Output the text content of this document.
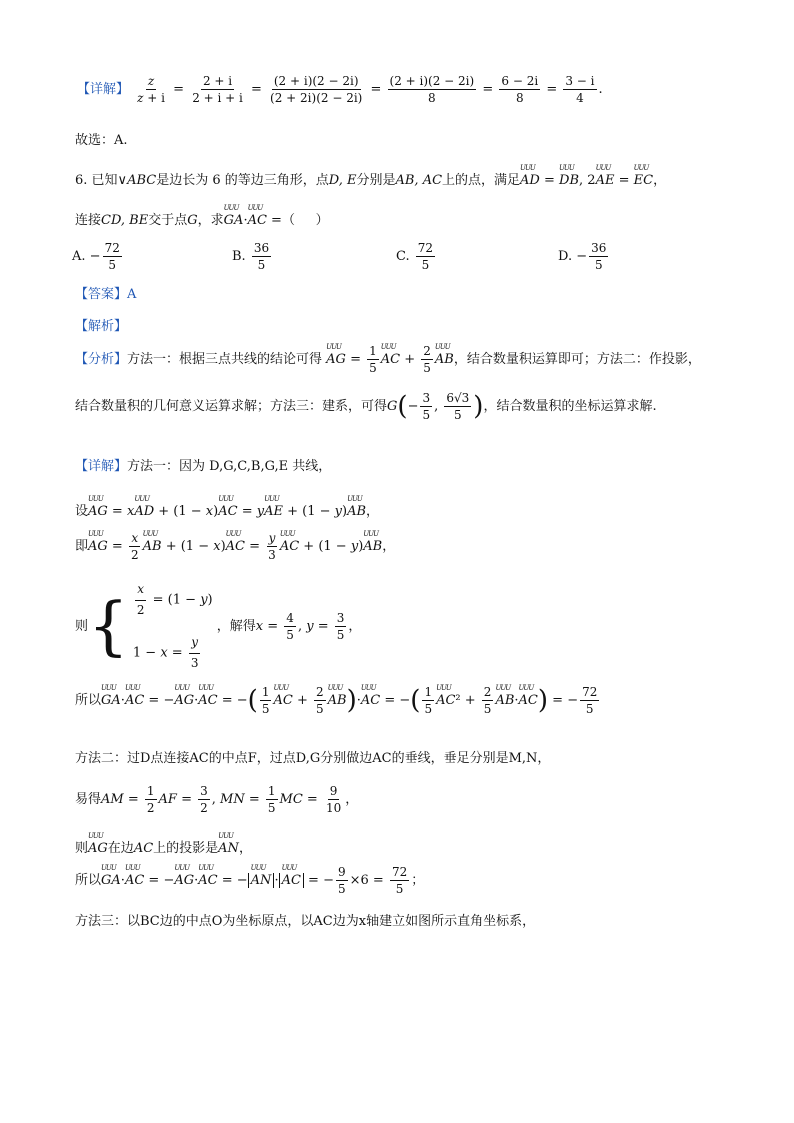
【详解】 $\frac{z}{z + i} = \frac{2 + i}{2 + i + i} = \frac{(2 + i)(2 - 2i)}{(2 + 2i)(2 - 2i)} = \frac{(2 + i)(2 - 2i)}{8} = \frac{6 - 2i}{8} = \frac{3 - i}{4}$ .
故选：A.
6. 已知∨ABC是边长为 6 的等边三角形，点D, E分别是AB, AC上的点，满足UUU AD = UUU DB, 2UUU AE = UUU EC，
连接CD, BE交于点G，求UUU GA·UUU AC =（     ）
A. − $\frac{72}{5}$	B. $\frac{36}{5}$	C. $\frac{72}{5}$	D. − $\frac{36}{5}$
【答案】A
【解析】
【分析】方法一：根据三点共线的结论可得 UUU AG = $\frac{1}{5}$ UUU AC + $\frac{2}{5}$ UUU AB，结合数量积运算即可；方法二：作投影，
结合数量积的几何意义运算求解；方法三：建系，可得$G(- \frac{3}{5}$ , $\frac{6√3}{5}$ )，结合数量积的坐标运算求解.
【详解】方法一：因为 D,G,C,B,G,E 共线，
设UUU AG = xUUU AD + (1 − x)UUU AC = yUUU AE + (1 − y)UUU AB，
即UUU AG = $\frac{x}{2}$ UUU AB + (1 − x)UUU AC = $\frac{y}{3}$ UUU AC + (1 − y)UUU AB，
则{ $\frac{x}{2} = (1 - y)$

$1 - x = \frac{y}{3}$
，解得$x = \frac{4}{5}$ , $y = \frac{3}{5}$ ，
所以UUU GA·UUU AC = −UUU AG·UUU AC = −( $\frac{1}{5}$ UUU AC + $\frac{2}{5}$ UUU AB)·UUU AC = −( $\frac{1}{5}$ UUU $AC^2 + \frac{2}{5}$ UUU AB·UUU AC) = − $\frac{72}{5}$
方法二：过D点连接AC的中点F，过点D,G分别做边AC的垂线，垂足分别是M,N，
易得AM = $\frac{1}{2}$ AF = $\frac{3}{2}$ , MN = $\frac{1}{5}$ MC = $\frac{9}{10}$ ，
则UUU AG在边AC上的投影是UUU AN，
所以UUU GA·UUU AC = −UUU AG·UUU AC = − UUU AN · UUU AC = − $\frac{9}{5} \times 6 = \frac{72}{5}$ ；
方法三：以BC边的中点O为坐标原点，以AC边为x轴建立如图所示直角坐标系，
